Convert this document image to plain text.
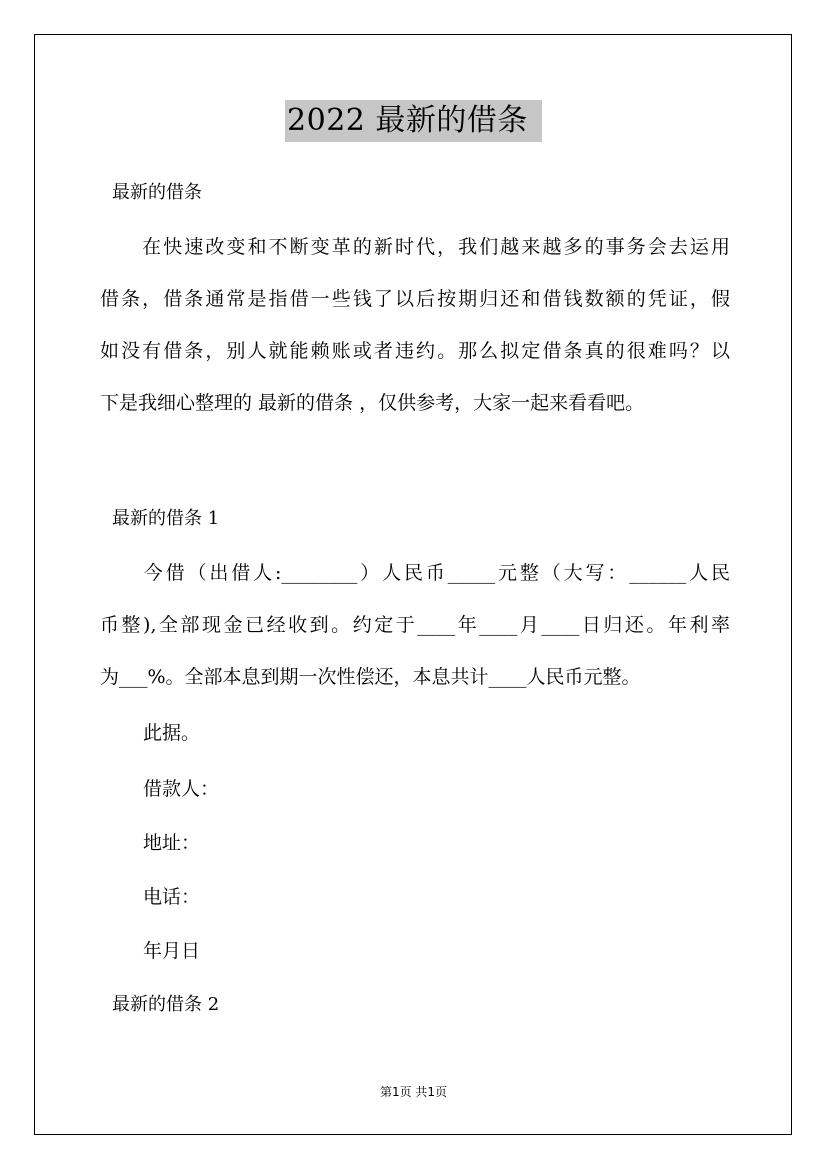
2022 最新的借条
最新的借条
　　在快速改变和不断变革的新时代，我们越来越多的事务会去运用
借条，借条通常是指借一些钱了以后按期归还和借钱数额的凭证，假
如没有借条，别人就能赖账或者违约。那么拟定借条真的很难吗？以
下是我细心整理的 最新的借条 ，仅供参考，大家一起来看看吧。
最新的借条 1
　　今借（出借人:________）人民币_____元整（大写：______人民
币整),全部现金已经收到。约定于____年____月____日归还。年利率
为___%。全部本息到期一次性偿还，本息共计____人民币元整。
此据。
借款人：
地址：
电话：
年月日
最新的借条 2
第1页 共1页
